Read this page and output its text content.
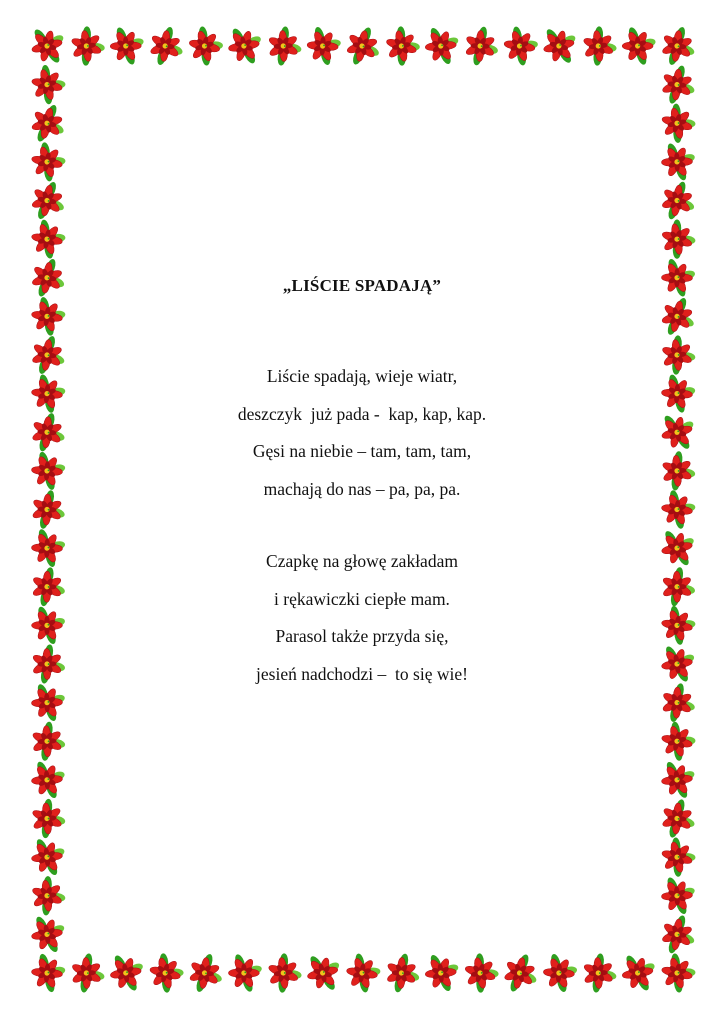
„LIŚCIE SPADAJĄ”
Liście spadają, wieje wiatr,
deszczyk  już pada -  kap, kap, kap.
Gęsi na niebie – tam, tam, tam,
machają do nas – pa, pa, pa.
Czapkę na głowę zakładam
i rękawiczki ciepłe mam.
Parasol także przyda się,
jesień nadchodzi –  to się wie!
